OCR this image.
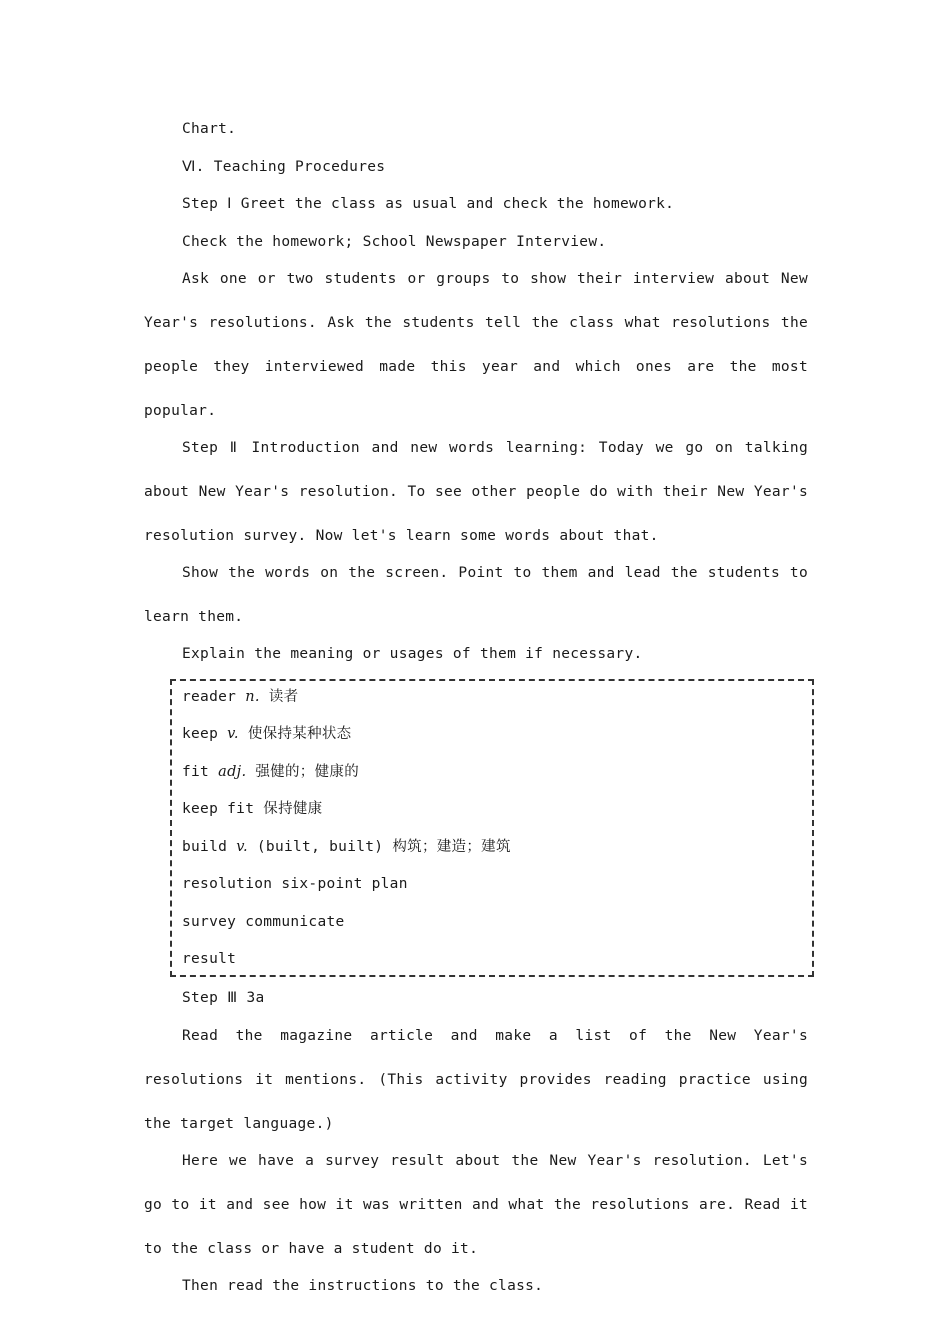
Chart.

Ⅵ. Teaching Procedures

Step Ⅰ Greet the class as usual and check the homework.

Check the homework; School Newspaper Interview.

Ask one or two students or groups to show their interview about New Year's resolutions. Ask the students tell the class what resolutions the people they interviewed made this year and which ones are the most popular.

Step Ⅱ Introduction and new words learning: Today we go on talking about New Year's resolution. To see other people do with their New Year's resolution survey. Now let's learn some words about that.

Show the words on the screen. Point to them and lead the students to learn them.

Explain the meaning or usages of them if necessary.

reader n. 读者
keep v. 使保持某种状态
fit adj. 强健的；健康的
keep fit 保持健康
build v. (built, built) 构筑；建造；建筑
resolution six-point plan
survey communicate
result

Step Ⅲ 3a

Read the magazine article and make a list of the New Year's resolutions it mentions. (This activity provides reading practice using the target language.)

Here we have a survey result about the New Year's resolution. Let's go to it and see how it was written and what the resolutions are. Read it to the class or have a student do it.

Then read the instructions to the class.
